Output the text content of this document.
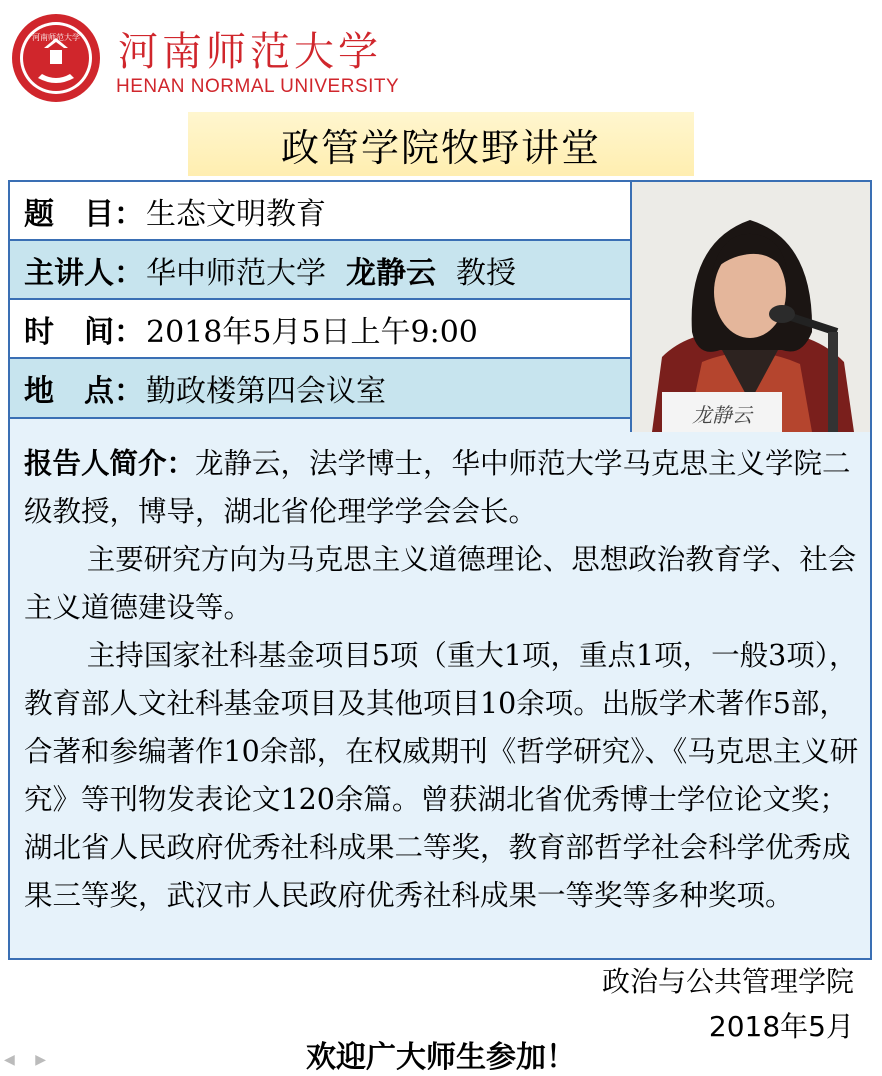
河南师范大学 河南师范大学
HENAN NORMAL UNIVERSITY
政管学院牧野讲堂
题　目： 生态文明教育
主讲人： 华中师范大学 龙静云 教授
时　间： 2018年5月5日上午9:00
地　点： 勤政楼第四会议室
龙静云

报告人简介：龙静云，法学博士，华中师范大学马克思主义学院二级教授，博导，湖北省伦理学学会会长。

主要研究方向为马克思主义道德理论、思想政治教育学、社会主义道德建设等。

主持国家社科基金项目5项（重大1项，重点1项，一般3项），教育部人文社科基金项目及其他项目10余项。出版学术著作5部，合著和参编著作10余部，在权威期刊《哲学研究》、《马克思主义研究》等刊物发表论文120余篇。曾获湖北省优秀博士学位论文奖；湖北省人民政府优秀社科成果二等奖，教育部哲学社会科学优秀成果三等奖，武汉市人民政府优秀社科成果一等奖等多种奖项。

政治与公共管理学院
2018年5月
欢迎广大师生参加！
◀ ▶
